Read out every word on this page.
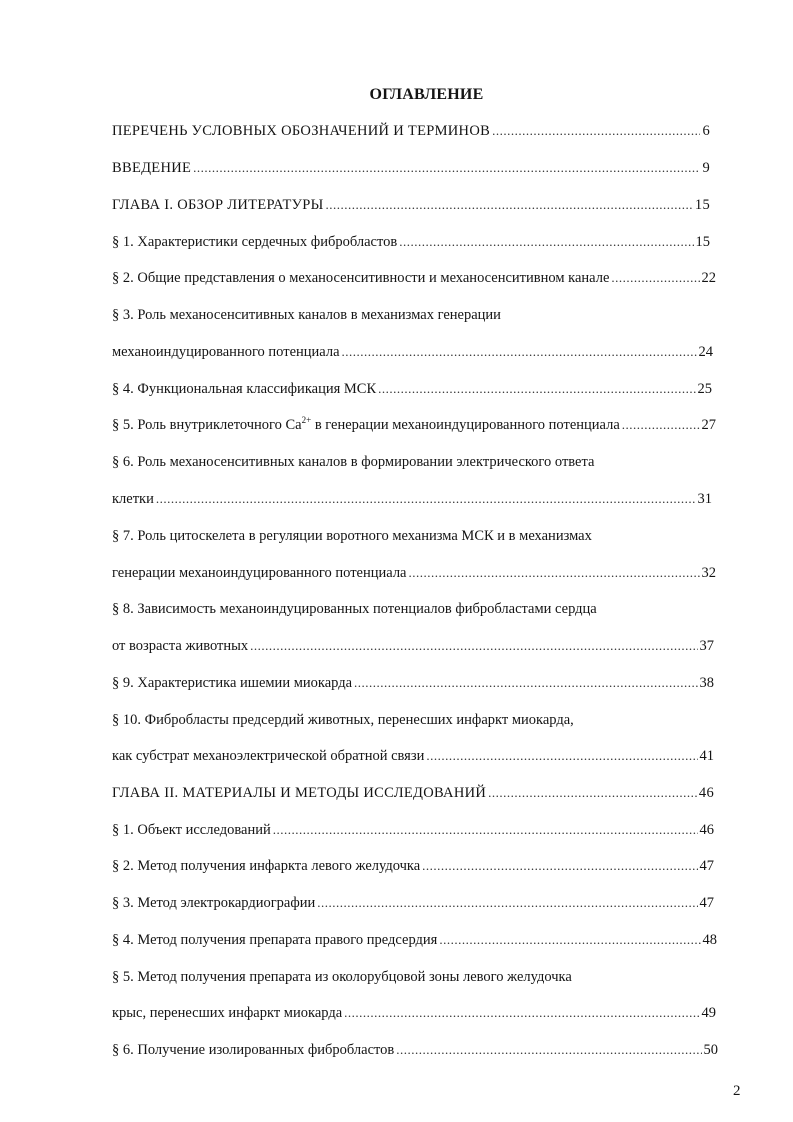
ОГЛАВЛЕНИЕ
ПЕРЕЧЕНЬ УСЛОВНЫХ ОБОЗНАЧЕНИЙ И ТЕРМИНОВ .....	6
ВВЕДЕНИЕ .....	9
ГЛАВА I. ОБЗОР ЛИТЕРАТУРЫ .....	15
§ 1. Характеристики сердечных фибробластов .....	15
§ 2. Общие представления о механосенситивности и механосенситивном канале .....	22
§ 3. Роль механосенситивных каналов в механизмах генерации
механоиндуцированного потенциала .....	24
§ 4. Функциональная классификация МСК .....	25
§ 5. Роль внутриклеточного $Са^{2+}$ в генерации механоиндуцированного потенциала .....	27
§ 6. Роль механосенситивных каналов в формировании электрического ответа
клетки .....	31
§ 7. Роль цитоскелета в регуляции воротного механизма МСК и в механизмах
генерации механоиндуцированного потенциала .....	32
§ 8. Зависимость механоиндуцированных потенциалов фибробластами сердца
от возраста животных .....	37
§ 9. Характеристика ишемии миокарда .....	38
§ 10. Фибробласты предсердий животных, перенесших инфаркт миокарда,
как субстрат механоэлектрической обратной связи .....	41
ГЛАВА II. МАТЕРИАЛЫ И МЕТОДЫ ИССЛЕДОВАНИЙ .....	46
§ 1. Объект исследований .....	46
§ 2. Метод получения инфаркта левого желудочка .....	47
§ 3. Метод электрокардиографии .....	47
§ 4. Метод получения препарата правого предсердия .....	48
§ 5. Метод получения препарата из околорубцовой зоны левого желудочка
крыс, перенесших инфаркт миокарда .....	49
§ 6. Получение изолированных фибробластов .....	50
2
